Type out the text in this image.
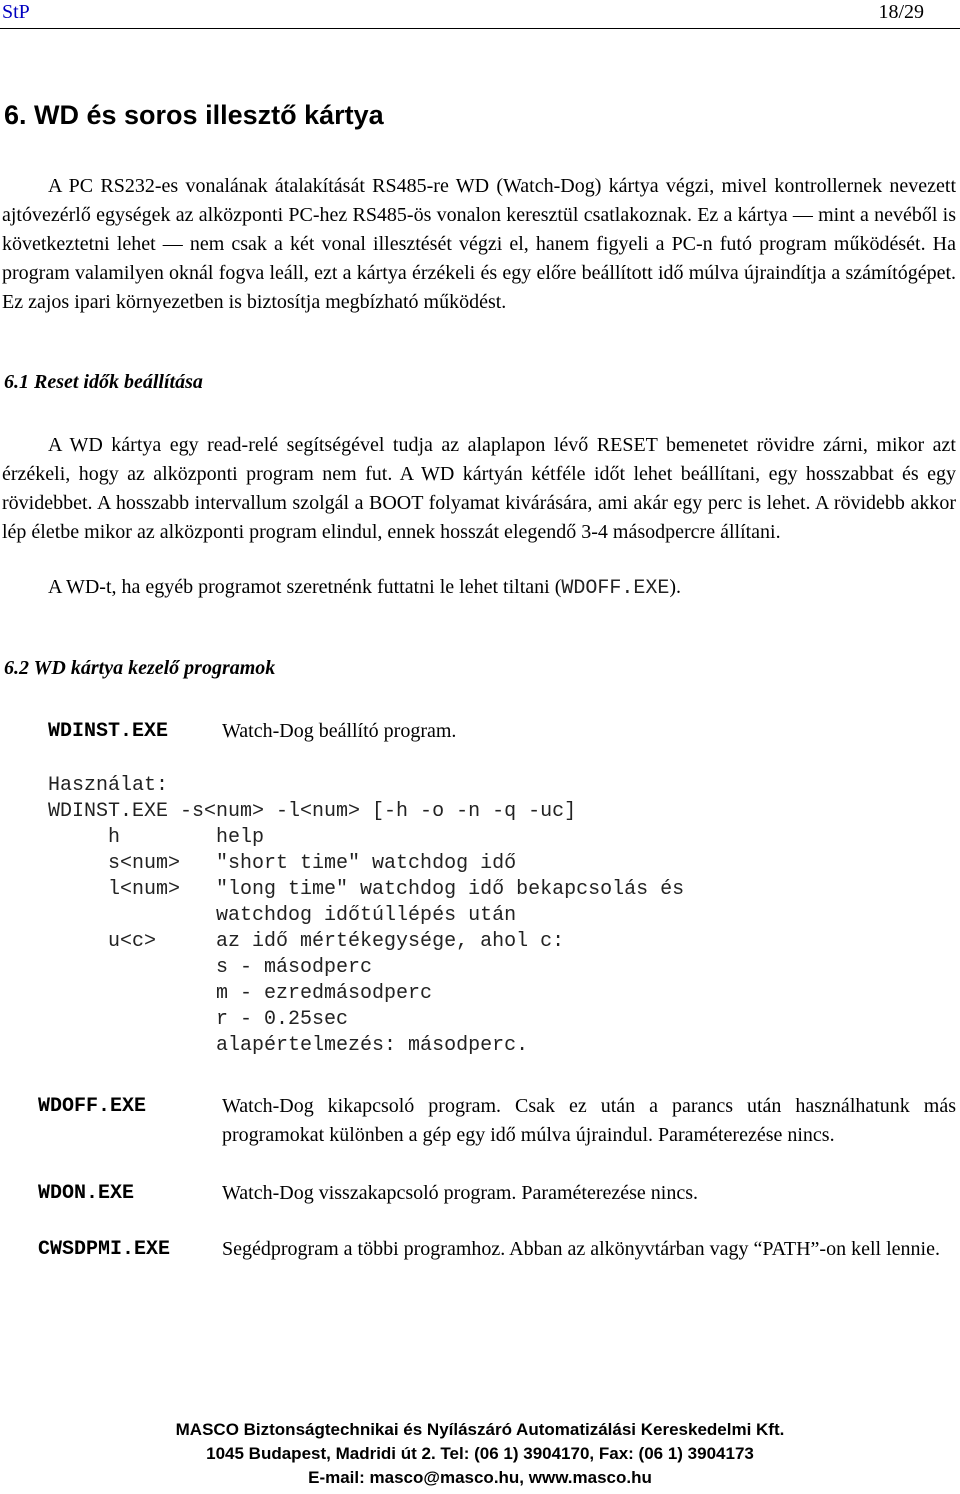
StP	18/29
6. WD és soros illesztő kártya

A PC RS232-es vonalának átalakítását RS485-re WD (Watch-Dog) kártya végzi, mivel kontrollernek nevezett ajtóvezérlő egységek az alközponti PC-hez RS485-ös vonalon keresztül csatlakoznak. Ez a kártya — mint a nevéből is következtetni lehet — nem csak a két vonal illesztését végzi el, hanem figyeli a PC-n futó program működését. Ha program valamilyen oknál fogva leáll, ezt a kártya érzékeli és egy előre beállított idő múlva újraindítja a számítógépet. Ez zajos ipari környezetben is biztosítja megbízható működést.

6.1 Reset idők beállítása

A WD kártya egy read-relé segítségével tudja az alaplapon lévő RESET bemenetet rövidre zárni, mikor azt érzékeli, hogy az alközponti program nem fut. A WD kártyán kétféle időt lehet beállítani, egy hosszabbat és egy rövidebbet. A hosszabb intervallum szolgál a BOOT folyamat kivárására, ami akár egy perc is lehet. A rövidebb akkor lép életbe mikor az alközponti program elindul, ennek hosszát elegendő 3-4 másodpercre állítani.

A WD-t, ha egyéb programot szeretnénk futtatni le lehet tiltani (WDOFF.EXE).

6.2 WD kártya kezelő programok
WDINST.EXE	Watch-Dog beállító program.

Használat:
WDINST.EXE -s<num> -l<num> [-h -o -n -q -uc]
h        help
s<num>   "short time" watchdog idő
l<num>   "long time" watchdog idő bekapcsolás és
watchdog időtúllépés után
u<c>     az idő mértékegysége, ahol c:
s - másodperc
m - ezredmásodperc
r - 0.25sec
alapértelmezés: másodperc.
WDOFF.EXE	Watch-Dog kikapcsoló program. Csak ez után a parancs után használhatunk más programokat különben a gép egy idő múlva újraindul. Paraméterezése nincs.

WDON.EXE	Watch-Dog visszakapcsoló program. Paraméterezése nincs.

CWSDPMI.EXE	Segédprogram a többi programhoz. Abban az alkönyvtárban vagy “PATH”-on kell lennie.

MASCO Biztonságtechnikai és Nyílászáró Automatizálási Kereskedelmi Kft.
1045 Budapest, Madridi út 2. Tel: (06 1) 3904170, Fax: (06 1) 3904173
E-mail: masco@masco.hu, www.masco.hu
